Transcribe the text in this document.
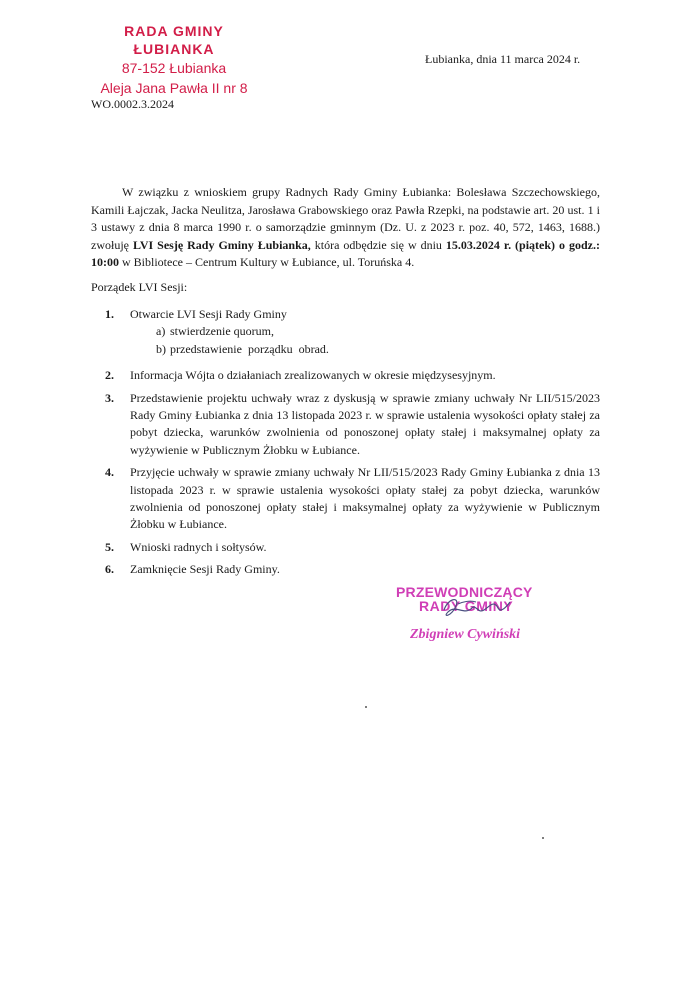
RADA GMINY ŁUBIANKA
87-152 Łubianka
Aleja Jana Pawła II nr 8
Łubianka, dnia 11 marca 2024 r.
WO.0002.3.2024
W związku z wnioskiem grupy Radnych Rady Gminy Łubianka: Bolesława Szczechowskiego, Kamili Łajczak, Jacka Neulitza, Jarosława Grabowskiego oraz Pawła Rzepki, na podstawie art. 20 ust. 1 i 3 ustawy z dnia 8 marca 1990 r. o samorządzie gminnym (Dz. U. z 2023 r. poz. 40, 572, 1463, 1688.) zwołuję LVI Sesję Rady Gminy Łubianka, która odbędzie się w dniu 15.03.2024 r. (piątek) o godz.: 10:00 w Bibliotece – Centrum Kultury w Łubiance, ul. Toruńska 4.
Porządek LVI Sesji:
1. Otwarcie LVI Sesji Rady Gminy
a) stwierdzenie quorum,
b) przedstawienie porządku obrad.
2. Informacja Wójta o działaniach zrealizowanych w okresie międzysesyjnym.
3. Przedstawienie projektu uchwały wraz z dyskusją w sprawie zmiany uchwały Nr LII/515/2023 Rady Gminy Łubianka z dnia 13 listopada 2023 r. w sprawie ustalenia wysokości opłaty stałej za pobyt dziecka, warunków zwolnienia od ponoszonej opłaty stałej i maksymalnej opłaty za wyżywienie w Publicznym Żłobku w Łubiance.
4. Przyjęcie uchwały w sprawie zmiany uchwały Nr LII/515/2023 Rady Gminy Łubianka z dnia 13 listopada 2023 r. w sprawie ustalenia wysokości opłaty stałej za pobyt dziecka, warunków zwolnienia od ponoszonej opłaty stałej i maksymalnej opłaty za wyżywienie w Publicznym Żłobku w Łubiance.
5. Wnioski radnych i sołtysów.
6. Zamknięcie Sesji Rady Gminy.
PRZEWODNICZĄCY
RADY GMINY
Zbigniew Cywiński
